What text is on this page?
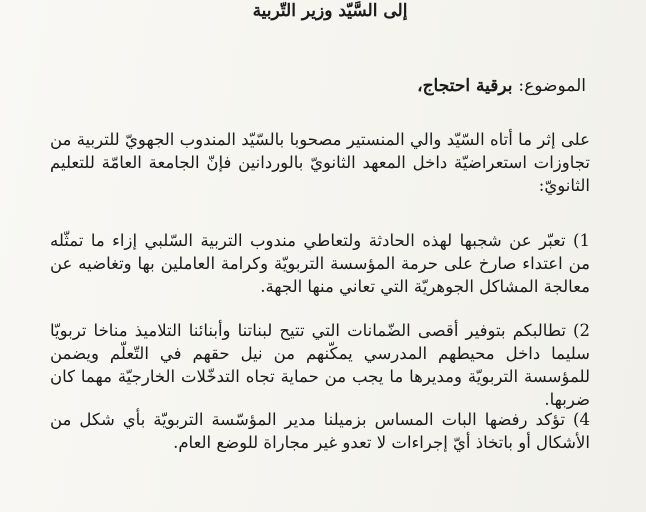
إلى السَّيّد وزير التّربية

الموضوع: برقية احتجاج،

على إثر ما أتاه السّيّد والي المنستير مصحوبا بالسّيّد المندوب الجهويّ للتربية من تجاوزات استعراضيّة داخل المعهد الثانويّ بالوردانين فإنّ الجامعة العامّة للتعليم الثانويّ:

1) تعبّر عن شجبها لهذه الحادثة ولتعاطي مندوب التربية السّلبي إزاء ما تمثّله من اعتداء صارخ على حرمة المؤسسة التربويّة وكرامة العاملين بها وتغاضيه عن معالجة المشاكل الجوهريّة التي تعاني منها الجهة.

2) تطالبكم بتوفير أقصى الضّمانات التي تتيح لبناتنا وأبنائنا التلاميذ مناخا تربويّا سليما داخل محيطهم المدرسي يمكّنهم من نيل حقهم في التّعلّم ويضمن للمؤسسة التربويّة ومديرها ما يجب من حماية تجاه التدخّلات الخارجيّة مهما كان ضربها.

4) تؤكد رفضها البات المساس بزميلنا مدير المؤسّسة التربويّة بأي شكل من الأشكال أو باتخاذ أيّ إجراءات لا تعدو غير مجاراة للوضع العام.
